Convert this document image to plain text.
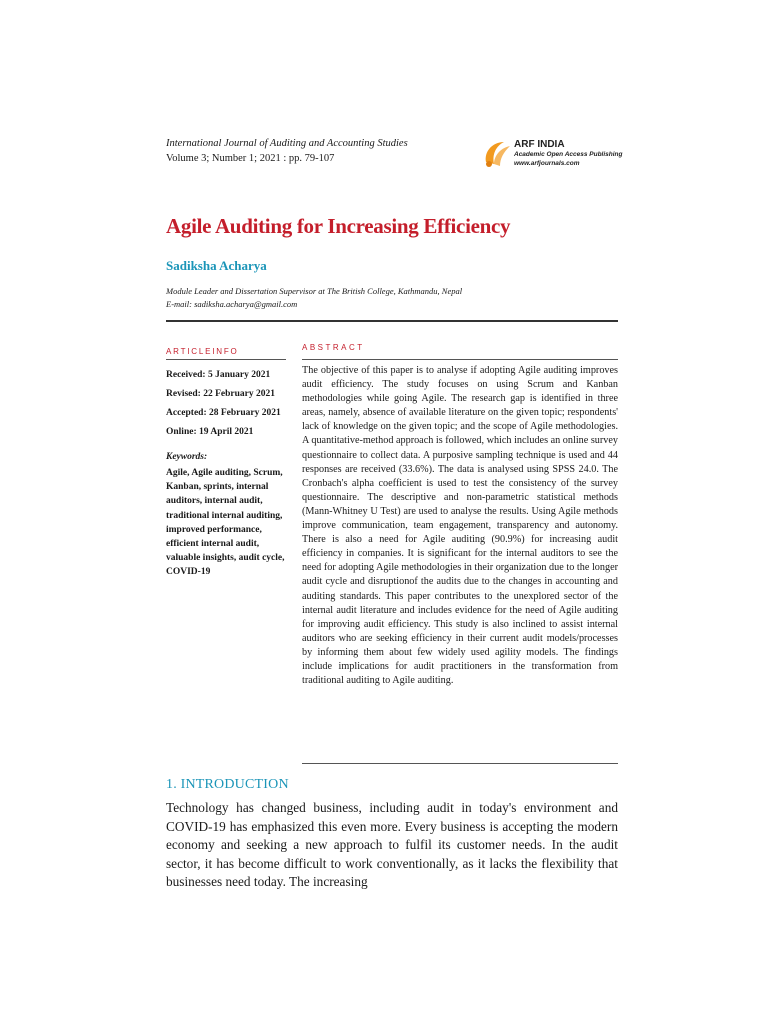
International Journal of Auditing and Accounting Studies
Volume 3; Number 1; 2021 : pp. 79-107
ARF INDIA
Academic Open Access Publishing
www.arfjournals.com
Agile Auditing for Increasing Efficiency
Sadiksha Acharya
Module Leader and Dissertation Supervisor at The British College, Kathmandu, Nepal
E-mail: sadiksha.acharya@gmail.com
ARTICLEINFO	ABSTRACT
Received: 5 January 2021
Revised: 22 February 2021
Accepted: 28 February 2021
Online: 19 April 2021
Keywords:
Agile, Agile auditing, Scrum, Kanban, sprints, internal auditors, internal audit, traditional internal auditing, improved performance, efficient internal audit, valuable insights, audit cycle, COVID-19
The objective of this paper is to analyse if adopting Agile auditing improves audit efficiency. The study focuses on using Scrum and Kanban methodologies while going Agile. The research gap is identified in three areas, namely, absence of available literature on the given topic; respondents' lack of knowledge on the given topic; and the scope of Agile methodologies. A quantitative-method approach is followed, which includes an online survey questionnaire to collect data. A purposive sampling technique is used and 44 responses are received (33.6%). The data is analysed using SPSS 24.0. The Cronbach's alpha coefficient is used to test the consistency of the survey questionnaire. The descriptive and non-parametric statistical methods (Mann-Whitney U Test) are used to analyse the results. Using Agile methods improve communication, team engagement, transparency and autonomy. There is also a need for Agile auditing (90.9%) for increasing audit efficiency in companies. It is significant for the internal auditors to see the need for adopting Agile methodologies in their organization due to the longer audit cycle and disruptionof the audits due to the changes in accounting and auditing standards. This paper contributes to the unexplored sector of the internal audit literature and includes evidence for the need of Agile auditing for improving audit efficiency. This study is also inclined to assist internal auditors who are seeking efficiency in their current audit models/processes by informing them about few widely used agility models. The findings include implications for audit practitioners in the transformation from traditional auditing to Agile auditing.
1. INTRODUCTION
Technology has changed business, including audit in today's environment and COVID-19 has emphasized this even more. Every business is accepting the modern economy and seeking a new approach to fulfil its customer needs. In the audit sector, it has become difficult to work conventionally, as it lacks the flexibility that businesses need today. The increasing
